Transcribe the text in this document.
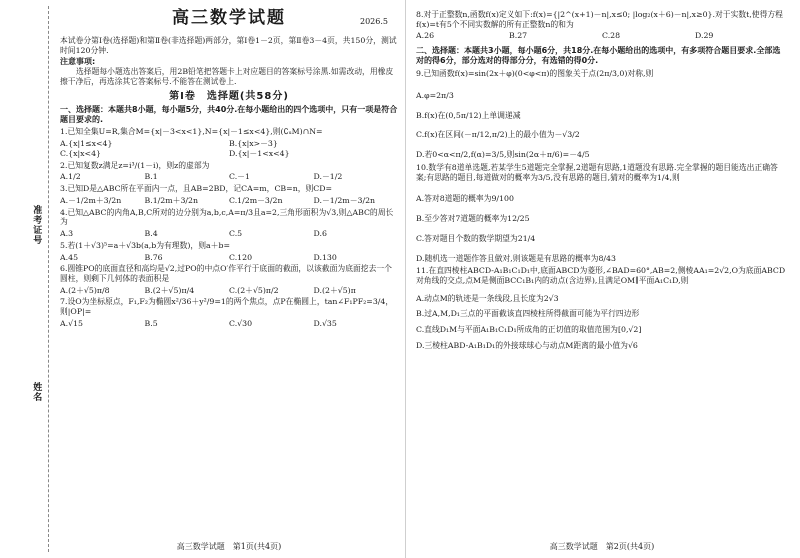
准考证号
姓名
高三数学试题	2026.5
本试卷分第Ⅰ卷(选择题)和第Ⅱ卷(非选择题)两部分，第Ⅰ卷1－2页，第Ⅱ卷3－4页，共150分，测试时间120分钟.
注意事项:
选择题每小题选出答案后，用2B铅笔把答题卡上对应题目的答案标号涂黑.如需改动，用橡皮擦干净后，再选涂其它答案标号.不能答在测试卷上.
第Ⅰ卷　选择题(共58分)
一、选择题：本题共8小题，每小题5分，共40分.在每小题给出的四个选项中，只有一项是符合题目要求的.
1.已知全集U=R,集合M={x|－3<x<1},N={x|－1≤x<4},则(∁ᵤM)∩N=
A.{x|1≤x<4}	B.{x|x>－3}
C.{x|x<4}	D.{x|－1<x<4}
2.已知复数z满足z=i³/(1－i)，则z的虚部为
A.1/2	B.1	C.－1	D.－1/2
3.已知D是△ABC所在平面内一点，且AB=2BD，记CA=m，CB=n，则CD=
A.－1/2m＋3/2n	B.1/2m＋3/2n	C.1/2m－3/2n	D.－1/2m－3/2n
4.已知△ABC的内角A,B,C所对的边分别为a,b,c,A=π/3且a=2,三角形面积为√3,则△ABC的周长为
A.3	B.4	C.5	D.6
5.若(1＋√3)⁵=a＋√3b(a,b为有理数)，则a＋b=
A.45	B.76	C.120	D.130
6.圆锥PO的底面直径和高均是√2,过PO的中点O′作平行于底面的截面，以该截面为底面挖去一个圆柱，则剩下几何体的表面积是
A.(2＋√5)π/8	B.(2＋√5)π/4	C.(2＋√5)π/2	D.(2＋√5)π
7.设O为坐标原点，F₁,F₂为椭圆x²/36＋y²/9=1的两个焦点，点P在椭圆上，tan∠F₁PF₂=3/4，则|OP|=
A.√15	B.5	C.√30	D.√35
高三数学试题　第1页(共4页)
8.对于正整数n,函数f(x)定义如下:f(x)={|2^(x+1)－n|,x≤0; |log₂(x＋6)－n|,x≥0}.对于实数t,使得方程f(x)=t有5个不同实数解的所有正整数n的和为
A.26	B.27	C.28	D.29
二、选择题：本题共3小题，每小题6分，共18分.在每小题给出的选项中，有多项符合题目要求.全部选对的得6分，部分选对的得部分分，有选错的得0分.
9.已知函数f(x)=sin(2x＋φ)(0<φ<π)的图象关于点(2π/3,0)对称,则
A.φ=2π/3
B.f(x)在(0,5π/12)上单调递减
C.f(x)在区间(－π/12,π/2)上的最小值为－√3/2
D.若0<α<π/2,f(α)=3/5,则sin(2α＋π/6)=－4/5
10.数学有8道单选题,若某学生5道题完全掌握,2道题有思路,1道题没有思路.完全掌握的题目能选出正确答案;有思路的题目,每道做对的概率为3/5,没有思路的题目,猜对的概率为1/4,则
A.答对8道题的概率为9/100
B.至少答对7道题的概率为12/25
C.答对题目个数的数学期望为21/4
D.随机选一道题作答且做对,则该题是有思路的概率为8/43
11.在直四棱柱ABCD-A₁B₁C₁D₁中,底面ABCD为菱形,∠BAD=60°,AB=2,侧棱AA₁=2√2,O为底面ABCD对角线的交点,点M是侧面BCC₁B₁内的动点(含边界),且满足OM∥平面A₁C₁D,则
A.动点M的轨迹是一条线段,且长度为2√3
B.过A,M,D₁三点的平面截该直四棱柱所得截面可能为平行四边形
C.直线D₁M与平面A₁B₁C₁D₁所成角的正切值的取值范围为[0,√2]
D.三棱柱ABD-A₁B₁D₁的外接球球心与动点M距离的最小值为√6
高三数学试题　第2页(共4页)
